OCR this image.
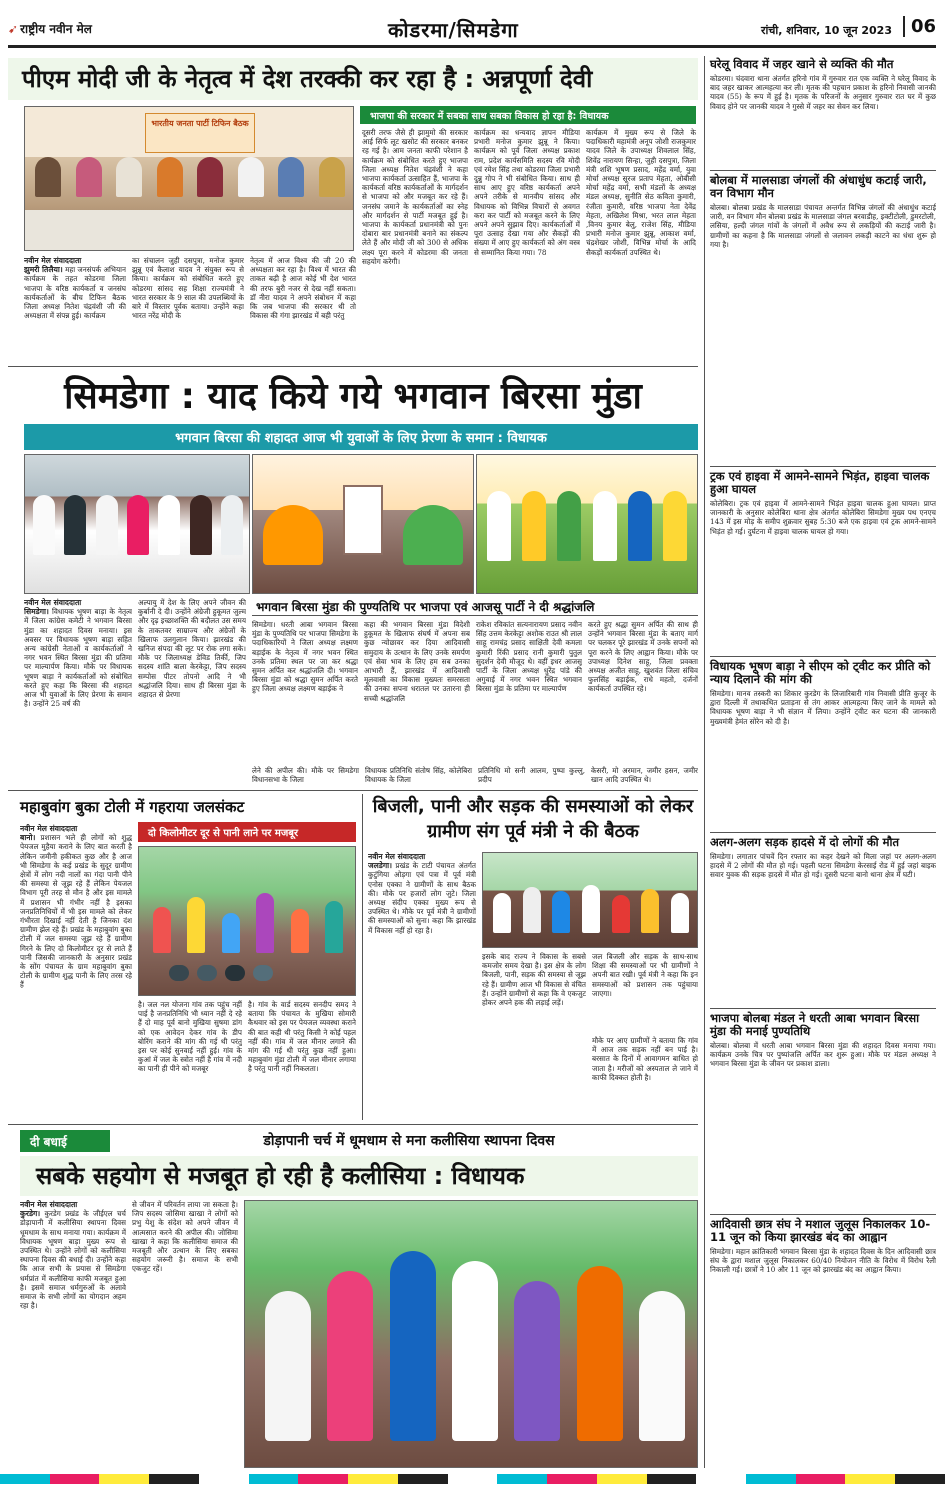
➹ राष्ट्रीय नवीन मेल	कोडरमा/सिमडेगा	रांची, शनिवार, 10 जून 2023	06
पीएम मोदी जी के नेतृत्व में देश तरक्की कर रहा है : अन्नपूर्णा देवी
भारतीय जनता पार्टी टिफिन बैठक
भाजपा की सरकार में सबका साथ सबका विकास हो रहा है: विधायक
नवीन मेल संवाददाता
झुमरी तिलैया। महा जनसंपर्क अभियान कार्यक्रम के तहत कोडरमा जिला भाजपा के वरिष्ठ कार्यकर्ता व जनसंघ कार्यकर्ताओं के बीच टिफिन बैठक जिला अध्यक्ष नितेश चंद्रवंशी जी की अध्यक्षता में संपन्न हुई। कार्यक्रम
का संचालन जुही दसपुत्रा, मनोज कुमार झुन्नू एवं कैलाश यादव ने संयुक्त रूप से किया। कार्यक्रम को संबोधित करते हुए कोडरमा सांसद सह शिक्षा राज्यमंत्री ने भारत सरकार के 9 साल की उपलब्धियों के बारे में विस्तार पूर्वक बताया। उन्होंने कहा भारत नरेंद्र मोदी के
नेतृत्व में आज विश्व की जी 20 की अध्यक्षता कर रहा है। विश्व में भारत की ताकत बढ़ी है आज कोई भी देश भारत की तरफ बुरी नजर से देख नहीं सकता। डॉ नीरा यादव ने अपने संबोधन में कहा कि जब भाजपा की सरकार थी तो विकास की गंगा झारखंड में बही परंतु
दूसरी तरफ जैसे ही झामुमो की सरकार आई सिर्फ लूट खसोट की सरकार बनकर रह गई है। आम जनता काफी परेशान है कार्यक्रम को संबोधित करते हुए भाजपा जिला अध्यक्ष नितेश चंद्रवंशी ने कहा भाजपा कार्यकर्ता उत्साहित हैं, भाजपा के कार्यकर्ता वरिष्ठ कार्यकर्ताओं के मार्गदर्शन से भाजपा को और मजबूत कर रहे हैं। जनसंघ जमाने के कार्यकर्ताओं का स्नेह और मार्गदर्शन से पार्टी मजबूत हुई है। भाजपा के कार्यकर्ता प्रधानमंत्री को पुनः दोबारा बार प्रधानमंत्री बनाने का संकल्प लेते हैं और मोदी जी को 300 से अधिक लक्ष्य पूरा करने में कोडरमा की जनता सहयोग करेगी।
कार्यक्रम का धन्यवाद ज्ञापन मीडिया प्रभारी मनोज कुमार झुन्नू ने किया। कार्यक्रम को पूर्व जिला अध्यक्ष प्रकाश राम, प्रदेश कार्यसमिति सदस्य रवि मोदी एवं रमेश सिंह तथा कोडरमा जिला प्रभारी दुन्नु गोप ने भी संबोधित किया। साथ ही साथ आए हुए वरिष्ठ कार्यकर्ता अपने अपने तरीके से मानवीय सांसद और विधायक को विभिन्न विचारों से अवगत करा कर पार्टी को मजबूत करने के लिए अपने अपने सुझाव दिए। कार्यकर्ताओं में पूरा उत्साह देखा गया और सैकड़ों की संख्या में आए हुए कार्यकर्ता को अंग वस्त्र से सम्मानित किया गया। 78
कार्यक्रम में मुख्य रूप से जिले के पदाधिकारी महामंत्री अनूप जोशी राजकुमार यादव जिले के उपाध्यक्ष शिवलाल सिंह, शिवेंद्र नारायण सिन्हा, जुही दसपुत्रा, जिला मंत्री शशि भूषण प्रसाद, महेंद्र वर्मा, युवा मोर्चा अध्यक्ष सूरज प्रताप मेहता, ओबीसी मोर्चा महेंद्र वर्मा, सभी मंडलों के अध्यक्ष मंडल अध्यक्ष, सुनीति सेठ कविता कुमारी, रंजीता कुमारी, वरिष्ठ भाजपा नेता देवेंद्र मेहता, अखिलेश मिश्रा, भरत लाल मेहता ,विनय कुमार बेलु, राजेश सिंह, मीडिया प्रभारी मनोज कुमार झुन्नू, आकाश वर्मा, चंद्रशेखर जोशी, विभिन्न मोर्चा के आदि सैकड़ों कार्यकर्ता उपस्थित थे।
सिमडेगा : याद किये गये भगवान बिरसा मुंडा
भगवान बिरसा की शहादत आज भी युवाओं के लिए प्रेरणा के समान : विधायक
नवीन मेल संवाददाता
सिमडेगा। विधायक भूषण बाड़ा के नेतृत्व में जिला कांग्रेस कमेटी ने भगवान बिरसा मुंडा का शहादत दिवस मनाया। इस अवसर पर विधायक भूषण बाड़ा सहित अन्य कांग्रेसी नेताओं व कार्यकर्ताओं ने नगर भवन स्थित बिरसा मुंडा की प्रतिमा पर माल्यार्पण किया। मौके पर विधायक भूषण बाड़ा ने कार्यकर्ताओं को संबोधित करते हुए कहा कि बिरसा की शहादत आज भी युवाओं के लिए प्रेरणा के समान है। उन्होंने 25 वर्ष की
अल्पायु में देश के लिए अपने जीवन की कुर्बानी दे दी। उन्होंने अंग्रेजी हुकूमत जुल्म और दृढ़ इच्छाशक्ति की बदौलत उस समय के ताकतवर साम्राज्य और अंग्रेजों के खिलाफ उलगुलान किया। झारखंड की खनिज संपदा की लूट पर रोक लगा सके। मौके पर जिलाध्यक्ष डेविड तिर्की, जिप सदस्य शांति बाला केरकेट्टा, जिप सदस्य सम्पोस पीटर तोपनो आदि ने भी श्रद्धांजलि दिया। साथ ही बिरसा मुंडा के शहादत से प्रेरणा
भगवान बिरसा मुंडा की पुण्यतिथि पर भाजपा एवं आजसू पार्टी ने दी श्रद्धांजलि
सिमडेगा। धरती आबा भगवान बिरसा मुंडा के पुण्यतिथि पर भाजपा सिमडेगा के पदाधिकारियों ने जिला अध्यक्ष लक्ष्मण बड़ाईक के नेतृत्व में नगर भवन स्थित उनके प्रतिमा स्थल पर जा कर श्रद्धा सुमन अर्पित कर श्रद्धांजलि दी। भगवान बिरसा मुंडा को श्रद्धा सुमन अर्पित करते हुए जिला अध्यक्ष लक्ष्मण बड़ाईक ने
कहा की भगवान बिरसा मुंडा विदेशी हुकूमत के खिलाफ संघर्ष में अपना सब कुछ न्योछावर कर दिया आदिवासी समुदाय के उत्थान के लिए उनके समर्पण एवं सेवा भाव के लिए हम सब उनका आभारी हैं, झारखंड में आदिवासी मूलवासी का विकास मुख्यतः समरसता की उनका सपना धरातल पर उतारना ही सच्ची श्रद्धांजलि
राकेश रविकांत सत्यनारायण प्रसाद नवीन सिंह उत्तम केरकेट्टा अशोक राउत श्री लाल साहू रामचंद्र प्रसाद साक्षिती देवी कमला कुमारी रिंकी प्रसाद रानी कुमारी पुतुल सुदर्शन देवी मौजूद थे। वहीं इधर आजसू पार्टी के जिला अध्यक्ष धुरेंद्र पांडे की अगुवाई में नगर भवन स्थित भगवान बिरसा मुंडा के प्रतिमा पर माल्यार्पण
करते हुए श्रद्धा सुमन अर्पित की साथ ही उन्होंने भगवान बिरसा मुंडा के बताए मार्ग पर चलकर पूरे झारखंड में उनके सपनों को पूरा करने के लिए आह्वान किया। मौके पर उपाध्यक्ष दिनेश साहू, जिला प्रवक्ता अध्यक्ष अजीत साहू, खुशवंत जिला संचिव फुलसिंह बड़ाईक, राधे महतो, दर्जनों कार्यकर्ता उपस्थित रहे।
लेने की अपील की। मौके पर सिमडेगा विधानसभा के जिला
विधायक प्रतिनिधि संतोष सिंह, कोलेबिरा विधायक के जिला
प्रतिनिधि मो सनी आलम, पुष्पा कुल्लु, प्रदीप
केसरी, मो अरमान, जमीर हसन, जमीर खान आदि उपस्थित थे।
महाबुवांग बुका टोली में गहराया जलसंकट
दो किलोमीटर दूर से पानी लाने पर मजबूर
नवीन मेल संवाददाता
बानो। प्रशासन भले ही लोगों को शुद्ध पेयजल मुहैया कराने के लिए बात करती है लेकिन जमीनी हकीकत कुछ और है आज भी सिमडेगा के कई प्रखंड के सुदूर ग्रामीण क्षेत्रों में लोग नदी नालों का गंदा पानी पीने की समस्या से जूझ रहे हैं लेकिन पेयजल विभाग पूरी तरह से मौन है और इस मामले में प्रशासन भी गंभीर नहीं है इसका जनप्रतिनिधियों में भी इस मामले को लेकर गंभीरता दिखाई नहीं देती है जिनका दंश ग्रामीण झेल रहे हैं। प्रखंड के महाबुवांग बुका टोली में जल समस्या जूझ रहे हैं ग्रामीण गिरने के लिए दो किलोमीटर दूर से लाते हैं पानी जिसकी जानकारी के अनुसार प्रखंड के सोंग पंचायत के ग्राम महाबुवांग बुका टोली के ग्रामीण शुद्ध पानी के लिए तरस रहे हैं
है। जल नल योजना गांव तक पहुंच नहीं पाई है जनप्रतिनिधि भी ध्यान नहीं दे रहे हैं दो माह पूर्व बानो मुखिया सुषमा डांग को एक आवेदन देकर गांव के डीप बोरिंग कराने की मांग की गई थी परंतु इस पर कोई सुनवाई नहीं हुई। गांव के कुआं में जल के स्त्रोत नहीं है गांव में नदी का पानी ही पीने को मजबूर
है। गांव के वार्ड सदस्य सनदीप समद ने बताया कि पंचायत के मुखिया सोमारी कैथवार को इस पर पेयजल व्यवस्था कराने की बात कही थी परंतु किसी ने कोई पहल नहीं की। गांव में जल मीनार लगाने की मांग की गई थी परंतु कुछ नहीं हुआ। महाबुवांग मुंडा टोली में जल मीनार लगाया है परंतु पानी नहीं निकलता।
बिजली, पानी और सड़क की समस्याओं को लेकर ग्रामीण संग पूर्व मंत्री ने की बैठक
नवीन मेल संवाददाता
जलडेगा। प्रखंड के टाटी पंचायत अंतर्गत कुटुंगिया ओड़गा एवं पत्रा में पूर्व मंत्री एनोस एक्का ने ग्रामीणों के साथ बैठक की। मौके पर हजारों लोग जुटे। जिला अध्यक्ष संदीप एक्का मुख्य रूप से उपस्थित थे। मौके पर पूर्व मंत्री ने ग्रामीणों की समस्याओं को सुना। कहा कि झारखंड में विकास नहीं हो रहा है।
इसके बाद राज्य ने विकास के सबसे कमजोर समय देखा है। इस क्षेत्र के लोग बिजली, पानी, सड़क की समस्या से जूझ रहे हैं। ग्रामीण आज भी विकास से वंचित हैं। उन्होंने ग्रामीणों से कहा कि वे एकजुट होकर अपने हक की लड़ाई लड़ें।
जल बिजली और सड़क के साथ-साथ शिक्षा की समस्याओं पर भी ग्रामीणों ने अपनी बात रखी। पूर्व मंत्री ने कहा कि इन समस्याओं को प्रशासन तक पहुंचाया जाएगा।
मौके पर आए ग्रामीणों ने बताया कि गांव में आज तक सड़क नहीं बन पाई है। बरसात के दिनों में आवागमन बाधित हो जाता है। मरीजों को अस्पताल ले जाने में काफी दिक्कत होती है।
दी बधाई	डोड़ापानी चर्च में धूमधाम से मना कलीसिया स्थापना दिवस
सबके सहयोग से मजबूत हो रही है कलीसिया : विधायक
नवीन मेल संवाददाता
कुरडेग। कुरडेग प्रखंड के जीईएल चर्च डोड़ापानी में कलीसिया स्थापना दिवस धूमधाम के साथ मनाया गया। कार्यक्रम में विधायक भूषण बाड़ा मुख्य रूप से उपस्थित थे। उन्होंने लोगों को कलीसिया स्थापना दिवस की बधाई दी। उन्होंने कहा कि आज सभी के प्रयास से सिमडेगा धर्मप्रांत में कलीसिया काफी मजबूत हुआ है। इसमें समाज धर्मगुरुओं के अलावे समाज के सभी लोगों का योगदान अहम रहा है।
से जीवन में परिवर्तन लाया जा सकता है। जिप सदस्य जोसिमा खाखा ने लोगों को प्रभु येशु के संदेश को अपने जीवन में आत्मसात करने की अपील की। जोसिमा खाखा ने कहा कि कलीसिया समाज की मजबूती और उत्थान के लिए सबका सहयोग जरूरी है। समाज के सभी एकजुट रहें।
घरेलू विवाद में जहर खाने से व्यक्ति की मौत
कोडरमा। चंदवारा थाना अंतर्गत हरिनो गांव में गुरुवार रात एक व्यक्ति ने घरेलू विवाद के बाद जहर खाकर आत्महत्या कर ली। मृतक की पहचान प्रकाश के हरिनो निवासी जानकी यादव (55) के रूप में हुई है। मृतक के परिजनों के अनुसार गुरुवार रात घर में कुछ विवाद होने पर जानकी यादव ने गुस्से में जहर का सेवन कर लिया।
बोलबा में मालसाडा जंगलों की अंधाधुंध कटाई जारी, वन विभाग मौन
बोलबा। बोलबा प्रखंड के मालसाडा पंचायत अन्तर्गत विभिन्न जंगलों की अंधाधुंध कटाई जारी, वन विभाग मौन बोलबा प्रखंड के मालसाडा जंगल बरवाडीह, इक्टीटोली, डुमरटोली, लसिया, हल्दी जंगल गांवों के जंगलों में अवैध रूप से लकड़ियों की कटाई जारी है। ग्रामीणों का कहना है कि मालसाडा जंगलों से जलावन लकड़ी काटने का धंधा शुरू हो गया है।
ट्रक एवं हाइवा में आमने-सामने भिड़ंत, हाइवा चालक हुआ घायल
कोलेबिरा। ट्रक एवं हाइवा में आमने-सामने भिड़ंत हाइवा चालक हुआ घायल। प्राप्त जानकारी के अनुसार कोलेबिरा थाना क्षेत्र अंतर्गत कोलेबिरा सिमडेगा मुख्य पथ एनएच 143 में इस मोड़ के समीप शुक्रवार सुबह 5:30 बजे एक हाइवा एवं ट्रक आमने-सामने भिड़ंत हो गई। दुर्घटना में हाइवा चालक घायल हो गया।
विधायक भूषण बाड़ा ने सीएम को ट्वीट कर प्रीति को न्याय दिलाने की मांग की
सिमडेगा। मानव तस्करी का शिकार कुरडेग के लिजारिबारी गांव निवासी प्रीति कुजूर के द्वारा दिल्ली में तथाकथित प्रताड़ना से तंग आकर आत्महत्या किए जाने के मामले को विधायक भूषण बाड़ा ने भी संज्ञान में लिया। उन्होंने ट्वीट कर घटना की जानकारी मुख्यमंत्री हेमंत सोरेन को दी है।
अलग-अलग सड़क हादसे में दो लोगों की मौत
सिमडेगा। लगातार पांचवें दिन रफ्तार का कहर देखने को मिला जहां पर अलग-अलग हादसे में 2 लोगों की मौत हो गई। पहली घटना सिमडेगा केरसाई रोड में हुई जहां बाइक सवार युवक की सड़क हादसे में मौत हो गई। दूसरी घटना बानो थाना क्षेत्र में घटी।
भाजपा बोलबा मंडल ने धरती आबा भगवान बिरसा मुंडा की मनाई पुण्यतिथि
बोलबा। बोलबा में धरती आबा भगवान बिरसा मुंडा की शहादत दिवस मनाया गया। कार्यक्रम उनके चित्र पर पुष्पांजलि अर्पित कर शुरू हुआ। मौके पर मंडल अध्यक्ष ने भगवान बिरसा मुंडा के जीवन पर प्रकाश डाला।
आदिवासी छात्र संघ ने मशाल जुलूस निकालकर 10-11 जून को किया झारखंड बंद का आह्वान
सिमडेगा। महान क्रांतिकारी भगवान बिरसा मुंडा के शहादत दिवस के दिन आदिवासी छात्र संघ के द्वारा मशाल जुलूस निकालकर 60/40 नियोजन नीति के विरोध में विरोध रैली निकाली गई। छात्रों ने 10 और 11 जून को झारखंड बंद का आह्वान किया।
